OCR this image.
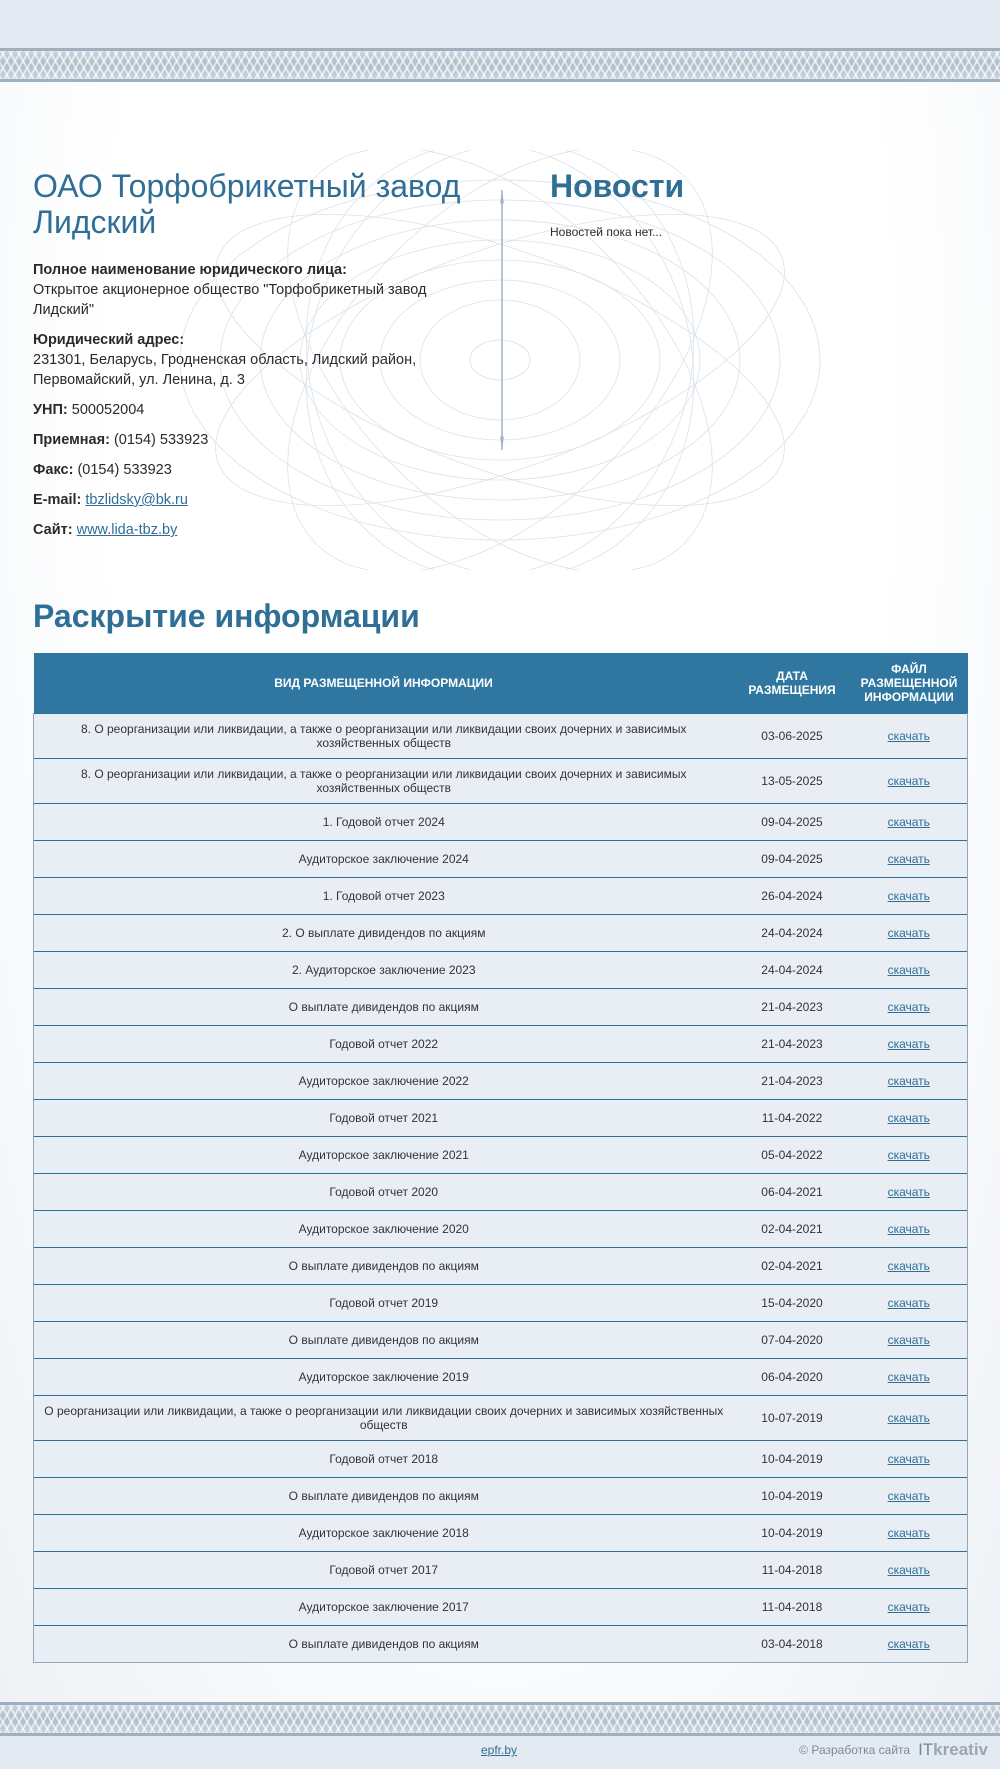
ОАО Торфобрикетный завод Лидский
Полное наименование юридического лица:
Открытое акционерное общество "Торфобрикетный завод Лидский"
Юридический адрес:
231301, Беларусь, Гродненская область, Лидский район, Первомайский, ул. Ленина, д. 3
УНП: 500052004
Приемная: (0154) 533923
Факс: (0154) 533923
E-mail: tbzlidsky@bk.ru
Сайт: www.lida-tbz.by
Новости
Новостей пока нет...
Раскрытие информации
ВИД РАЗМЕЩЕННОЙ ИНФОРМАЦИИ	ДАТА РАЗМЕЩЕНИЯ	ФАЙЛ РАЗМЕЩЕННОЙ ИНФОРМАЦИИ
8. О реорганизации или ликвидации, а также о реорганизации или ликвидации своих дочерних и зависимых хозяйственных обществ	03-06-2025	скачать
8. О реорганизации или ликвидации, а также о реорганизации или ликвидации своих дочерних и зависимых хозяйственных обществ	13-05-2025	скачать
1. Годовой отчет 2024	09-04-2025	скачать
Аудиторское заключение 2024	09-04-2025	скачать
1. Годовой отчет 2023	26-04-2024	скачать
2. О выплате дивидендов по акциям	24-04-2024	скачать
2. Аудиторское заключение 2023	24-04-2024	скачать
О выплате дивидендов по акциям	21-04-2023	скачать
Годовой отчет 2022	21-04-2023	скачать
Аудиторское заключение 2022	21-04-2023	скачать
Годовой отчет 2021	11-04-2022	скачать
Аудиторское заключение 2021	05-04-2022	скачать
Годовой отчет 2020	06-04-2021	скачать
Аудиторское заключение 2020	02-04-2021	скачать
О выплате дивидендов по акциям	02-04-2021	скачать
Годовой отчет 2019	15-04-2020	скачать
О выплате дивидендов по акциям	07-04-2020	скачать
Аудиторское заключение 2019	06-04-2020	скачать
О реорганизации или ликвидации, а также о реорганизации или ликвидации своих дочерних и зависимых хозяйственных обществ	10-07-2019	скачать
Годовой отчет 2018	10-04-2019	скачать
О выплате дивидендов по акциям	10-04-2019	скачать
Аудиторское заключение 2018	10-04-2019	скачать
Годовой отчет 2017	11-04-2018	скачать
Аудиторское заключение 2017	11-04-2018	скачать
О выплате дивидендов по акциям	03-04-2018	скачать
epfr.by	© Разработка сайта ITkreativ
